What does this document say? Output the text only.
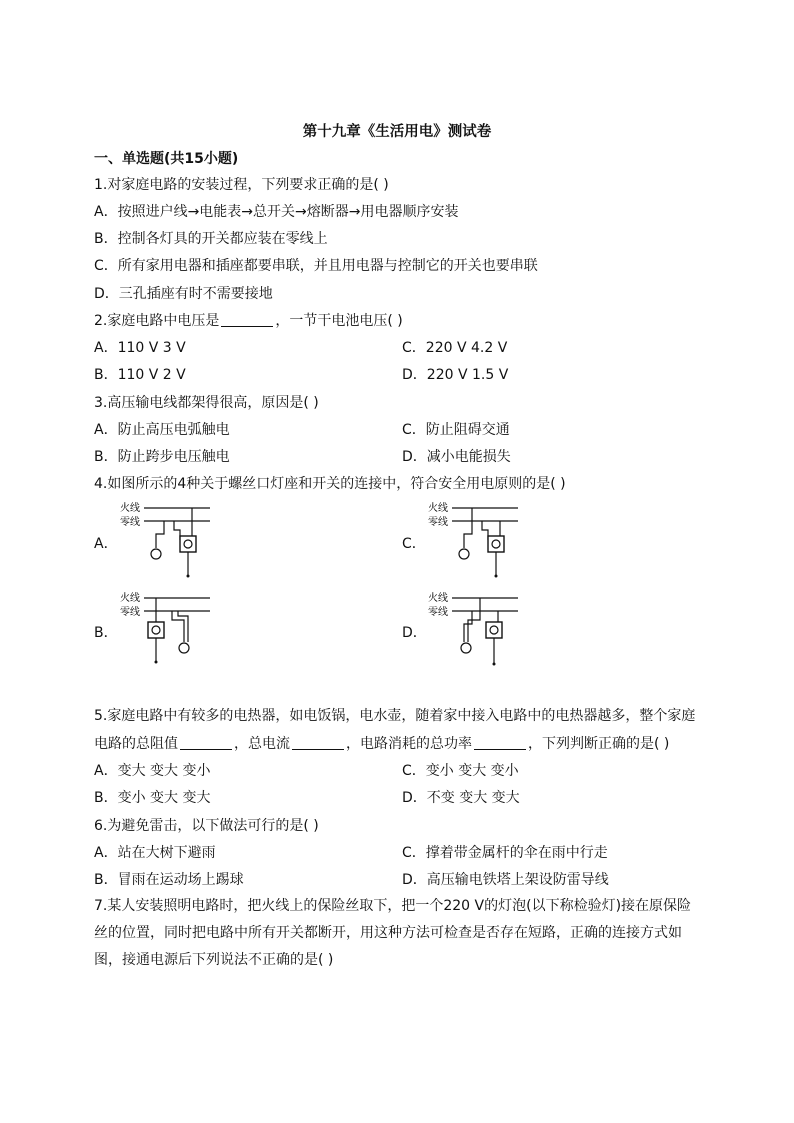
第十九章《生活用电》测试卷
一、单选题(共15小题)
1.对家庭电路的安装过程，下列要求正确的是( )
A．按照进户线→电能表→总开关→熔断器→用电器顺序安装
B．控制各灯具的开关都应装在零线上
C．所有家用电器和插座都要串联，并且用电器与控制它的开关也要串联
D．三孔插座有时不需要接地
2.家庭电路中电压是	，一节干电池电压( )
A．110 V 3 V	C．220 V 4.2 V
B．110 V 2 V	D．220 V 1.5 V
3.高压输电线都架得很高，原因是( )
A．防止高压电弧触电	C．防止阻碍交通
B．防止跨步电压触电	D．减小电能损失
4.如图所示的4种关于螺丝口灯座和开关的连接中，符合安全用电原则的是( )
A．
火线
零线
C．
火线
零线
B．
火线
零线
D．
火线
零线
5.家庭电路中有较多的电热器，如电饭锅，电水壶，随着家中接入电路中的电热器越多，整个家庭
电路的总阻值	，总电流	，电路消耗的总功率	，下列判断正确的是( )
A．变大 变大 变小	C．变小 变大 变小
B．变小 变大 变大	D．不变 变大 变大
6.为避免雷击，以下做法可行的是( )
A．站在大树下避雨	C．撑着带金属杆的伞在雨中行走
B．冒雨在运动场上踢球	D．高压输电铁塔上架设防雷导线
7.某人安装照明电路时，把火线上的保险丝取下，把一个220 V的灯泡(以下称检验灯)接在原保险丝的位置，同时把电路中所有开关都断开，用这种方法可检查是否存在短路，正确的连接方式如图，接通电源后下列说法不正确的是( )
